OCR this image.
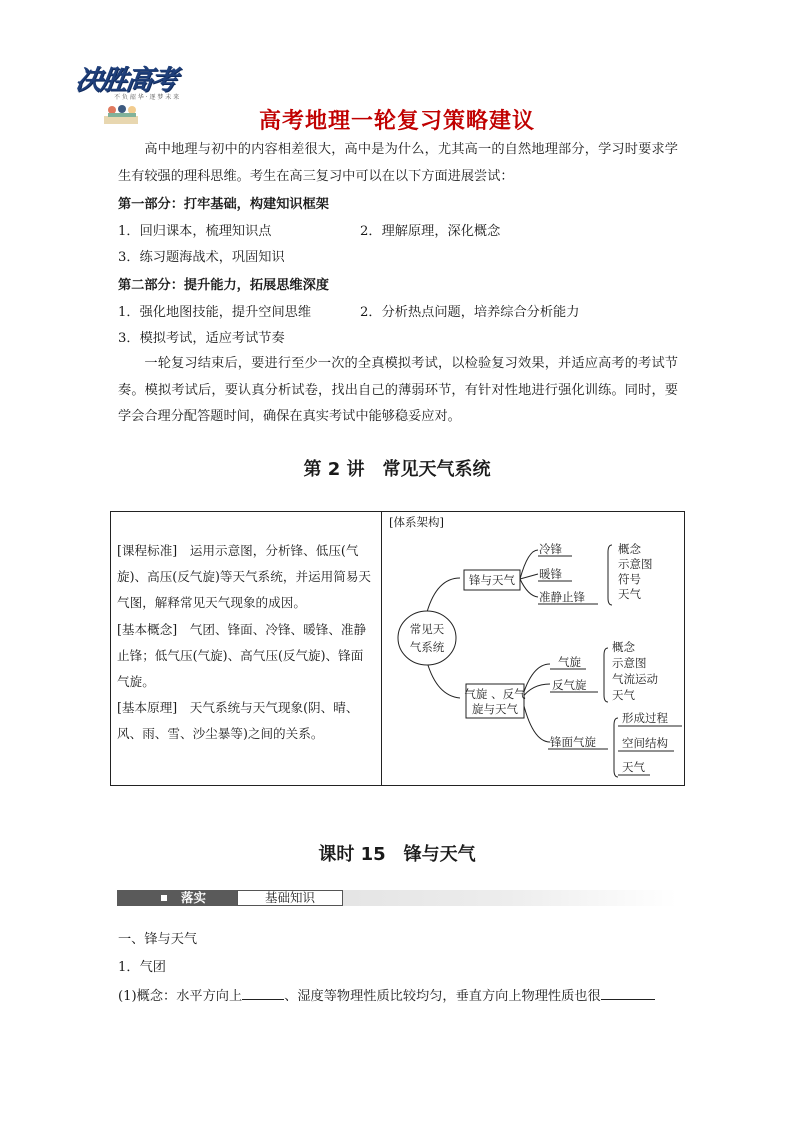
决胜高考
不 负 韶 华 · 逐 梦 未 来
高考地理一轮复习策略建议
高中地理与初中的内容相差很大，高中是为什么，尤其高一的自然地理部分，学习时要求学生有较强的理科思维。考生在高三复习中可以在以下方面进展尝试：
第一部分：打牢基础，构建知识框架
1．回归课本，梳理知识点	2．理解原理，深化概念
3．练习题海战术，巩固知识
第二部分：提升能力，拓展思维深度
1．强化地图技能，提升空间思维	2．分析热点问题，培养综合分析能力
3．模拟考试，适应考试节奏
一轮复习结束后，要进行至少一次的全真模拟考试，以检验复习效果，并适应高考的考试节奏。模拟考试后，要认真分析试卷，找出自己的薄弱环节，有针对性地进行强化训练。同时，要学会合理分配答题时间，确保在真实考试中能够稳妥应对。
第 2 讲　常见天气系统
[课程标准]　运用示意图，分析锋、低压(气旋)、高压(反气旋)等天气系统，并运用简易天气图，解释常见天气现象的成因。
[基本概念]　气团、锋面、冷锋、暖锋、准静止锋；低气压(气旋)、高气压(反气旋)、锋面气旋。
[基本原理]　天气系统与天气现象(阴、晴、风、雨、雪、沙尘暴等)之间的关系。
[体系架构]
常见天
气系统
锋与天气
冷锋
暖锋
准静止锋
概念
示意图
符号
天气
气旋 、反气
旋与天气
气旋
反气旋
概念
示意图
气流运动
天气
锋面气旋
形成过程
空间结构
天气
课时 15　锋与天气
落实	基础知识
一、锋与天气
1．气团
(1)概念：水平方向上	、湿度等物理性质比较均匀，垂直方向上物理性质也很
